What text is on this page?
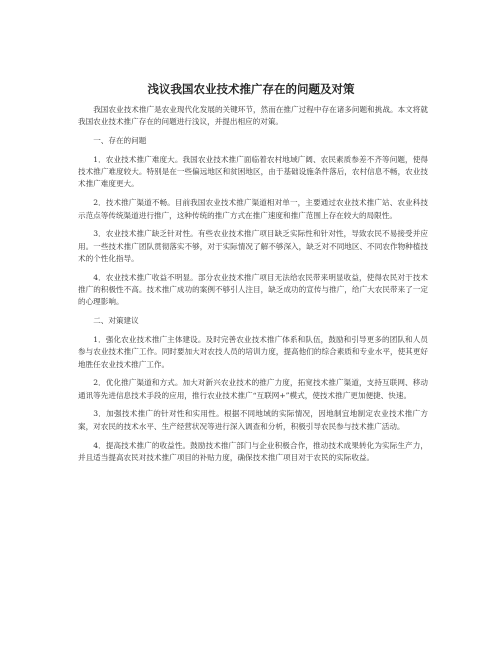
浅议我国农业技术推广存在的问题及对策

我国农业技术推广是农业现代化发展的关键环节，然而在推广过程中存在诸多问题和挑战。本文将就我国农业技术推广存在的问题进行浅议，并提出相应的对策。

一、存在的问题

1．农业技术推广难度大。我国农业技术推广面临着农村地域广阔、农民素质参差不齐等问题，使得技术推广难度较大。特别是在一些偏远地区和贫困地区，由于基础设施条件落后，农村信息不畅，农业技术推广难度更大。

2．技术推广渠道不畅。目前我国农业技术推广渠道相对单一，主要通过农业技术推广站、农业科技示范点等传统渠道进行推广，这种传统的推广方式在推广速度和推广范围上存在较大的局限性。

3．农业技术推广缺乏针对性。有些农业技术推广项目缺乏实际性和针对性，导致农民不易接受并应用。一些技术推广团队贯彻落实不够，对于实际情况了解不够深入，缺乏对不同地区、不同农作物种植技术的个性化指导。

4．农业技术推广收益不明显。部分农业技术推广项目无法给农民带来明显收益，使得农民对于技术推广的积极性不高。技术推广成功的案例不够引人注目，缺乏成功的宣传与推广，给广大农民带来了一定的心理影响。

二、对策建议

1．强化农业技术推广主体建设。及时完善农业技术推广体系和队伍，鼓励和引导更多的团队和人员参与农业技术推广工作。同时要加大对农技人员的培训力度，提高他们的综合素质和专业水平，使其更好地胜任农业技术推广工作。

2．优化推广渠道和方式。加大对新兴农业技术的推广力度，拓宽技术推广渠道，支持互联网、移动通讯等先进信息技术手段的应用，推行农业技术推广“互联网+”模式，使技术推广更加便捷、快速。

3．加强技术推广的针对性和实用性。根据不同地域的实际情况，因地制宜地制定农业技术推广方案，对农民的技术水平、生产经营状况等进行深入调查和分析，积极引导农民参与技术推广活动。

4．提高技术推广的收益性。鼓励技术推广部门与企业积极合作，推动技术成果转化为实际生产力，并且适当提高农民对技术推广项目的补贴力度，确保技术推广项目对于农民的实际收益。
